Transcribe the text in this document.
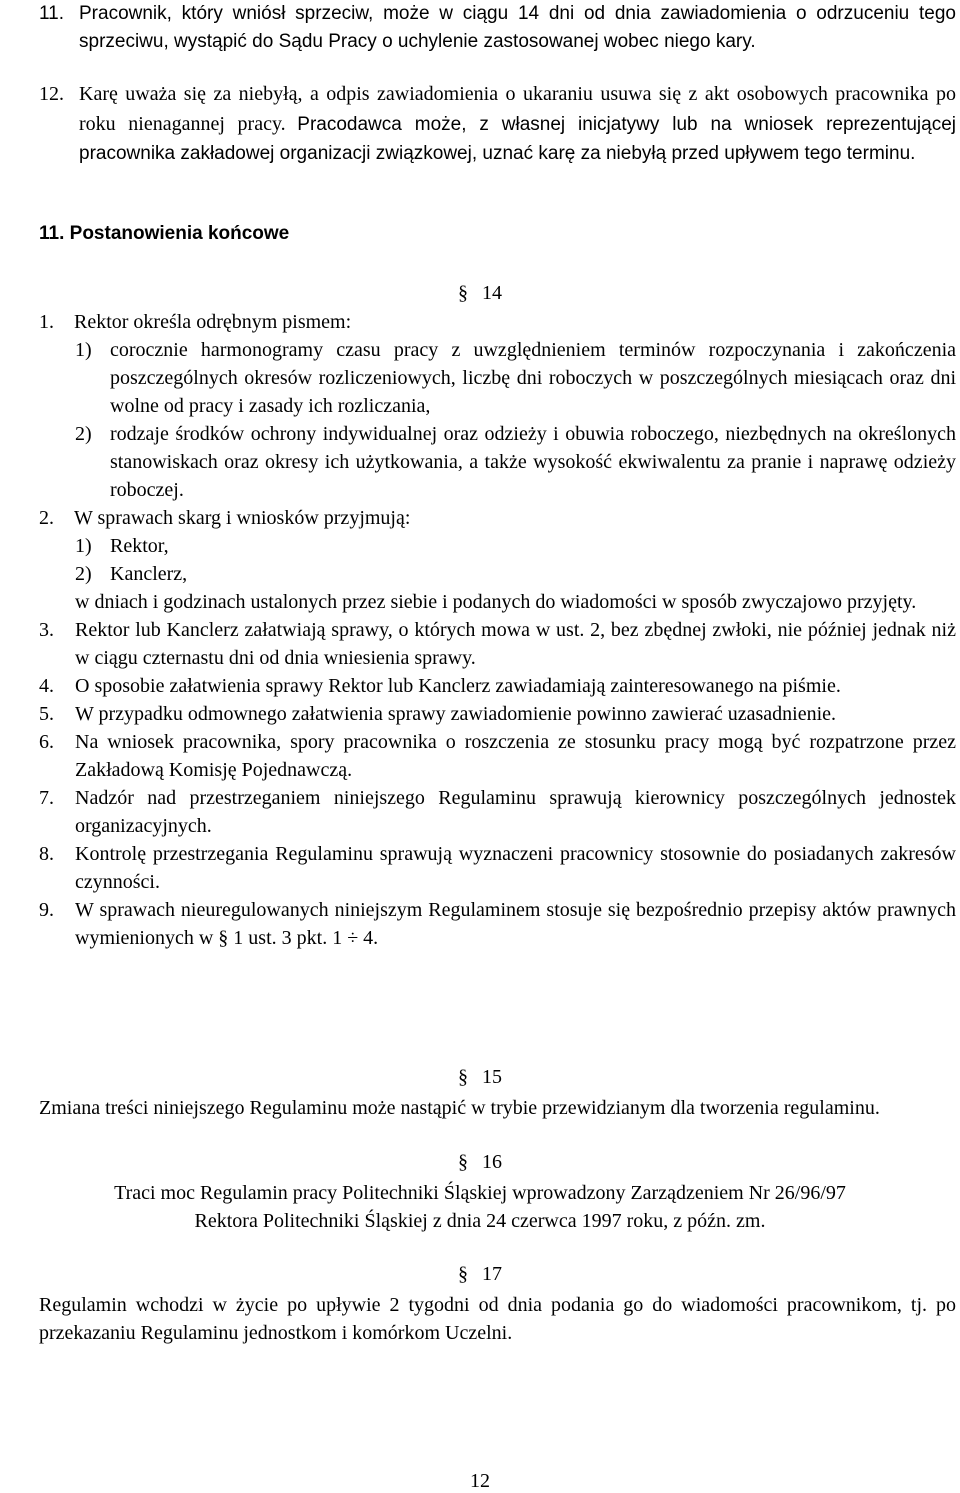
11. Pracownik, który wniósł sprzeciw, może w ciągu 14 dni od dnia zawiadomienia o odrzuceniu tego sprzeciwu, wystąpić do Sądu Pracy o uchylenie zastosowanej wobec niego kary.
12. Karę uważa się za niebyłą, a odpis zawiadomienia o ukaraniu usuwa się z akt osobowych pracownika po roku nienagannej pracy. Pracodawca może, z własnej inicjatywy lub na wniosek reprezentującej pracownika zakładowej organizacji związkowej, uznać karę za niebyłą przed upływem tego terminu.
11. Postanowienia końcowe
§ 14
1. Rektor określa odrębnym pismem:
1) corocznie harmonogramy czasu pracy z uwzględnieniem terminów rozpoczynania i zakończenia poszczególnych okresów rozliczeniowych, liczbę dni roboczych w poszczególnych miesiącach oraz dni wolne od pracy i zasady ich rozliczania,
2) rodzaje środków ochrony indywidualnej oraz odzieży i obuwia roboczego, niezbędnych na określonych stanowiskach oraz okresy ich użytkowania, a także wysokość ekwiwalentu za pranie i naprawę odzieży roboczej.
2. W sprawach skarg i wniosków przyjmują:
1) Rektor,
2) Kanclerz,
w dniach i godzinach ustalonych przez siebie i podanych do wiadomości w sposób zwyczajowo przyjęty.
3. Rektor lub Kanclerz załatwiają sprawy, o których mowa w ust. 2, bez zbędnej zwłoki, nie później jednak niż w ciągu czternastu dni od dnia wniesienia sprawy.
4. O sposobie załatwienia sprawy Rektor lub Kanclerz zawiadamiają zainteresowanego na piśmie.
5. W przypadku odmownego załatwienia sprawy zawiadomienie powinno zawierać uzasadnienie.
6. Na wniosek pracownika, spory pracownika o roszczenia ze stosunku pracy mogą być rozpatrzone przez Zakładową Komisję Pojednawczą.
7. Nadzór nad przestrzeganiem niniejszego Regulaminu sprawują kierownicy poszczególnych jednostek organizacyjnych.
8. Kontrolę przestrzegania Regulaminu sprawują wyznaczeni pracownicy stosownie do posiadanych zakresów czynności.
9. W sprawach nieuregulowanych niniejszym Regulaminem stosuje się bezpośrednio przepisy aktów prawnych wymienionych w § 1 ust. 3 pkt. 1 ÷ 4.
§ 15
Zmiana treści niniejszego Regulaminu może nastąpić w trybie przewidzianym dla tworzenia regulaminu.
§ 16
Traci moc Regulamin pracy Politechniki Śląskiej wprowadzony Zarządzeniem Nr 26/96/97
Rektora Politechniki Śląskiej z dnia 24 czerwca 1997 roku, z późn. zm.
§ 17
Regulamin wchodzi w życie po upływie 2 tygodni od dnia podania go do wiadomości pracownikom, tj. po przekazaniu Regulaminu jednostkom i komórkom Uczelni.
12
